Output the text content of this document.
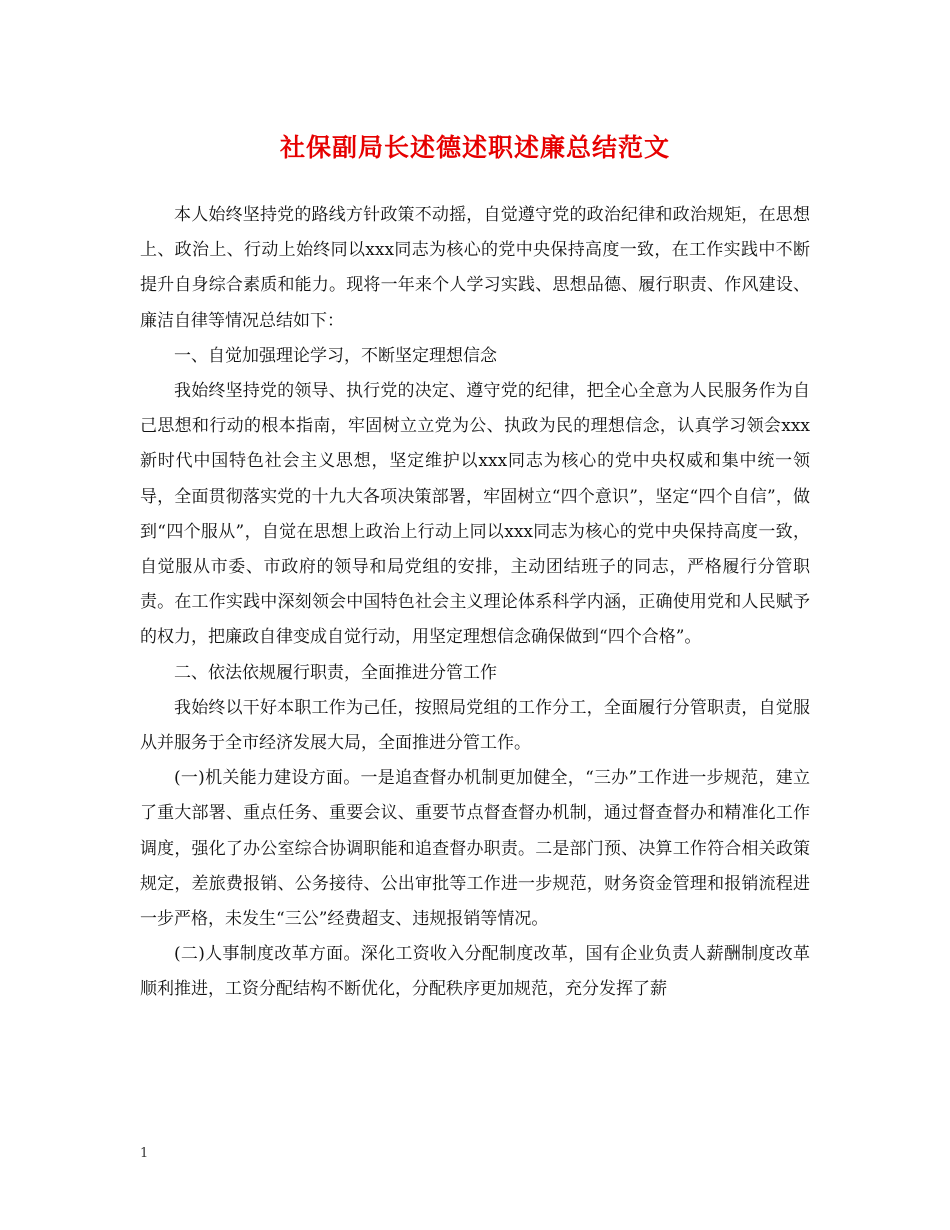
社保副局长述德述职述廉总结范文

本人始终坚持党的路线方针政策不动摇，自觉遵守党的政治纪律和政治规矩，在思想上、政治上、行动上始终同以xxx同志为核心的党中央保持高度一致，在工作实践中不断提升自身综合素质和能力。现将一年来个人学习实践、思想品德、履行职责、作风建设、廉洁自律等情况总结如下：

一、自觉加强理论学习，不断坚定理想信念

我始终坚持党的领导、执行党的决定、遵守党的纪律，把全心全意为人民服务作为自己思想和行动的根本指南，牢固树立立党为公、执政为民的理想信念，认真学习领会xxx新时代中国特色社会主义思想，坚定维护以xxx同志为核心的党中央权威和集中统一领导，全面贯彻落实党的十九大各项决策部署，牢固树立“四个意识”，坚定“四个自信”，做到“四个服从”，自觉在思想上政治上行动上同以xxx同志为核心的党中央保持高度一致，自觉服从市委、市政府的领导和局党组的安排，主动团结班子的同志，严格履行分管职责。在工作实践中深刻领会中国特色社会主义理论体系科学内涵，正确使用党和人民赋予的权力，把廉政自律变成自觉行动，用坚定理想信念确保做到“四个合格”。

二、依法依规履行职责，全面推进分管工作

我始终以干好本职工作为己任，按照局党组的工作分工，全面履行分管职责，自觉服从并服务于全市经济发展大局，全面推进分管工作。

(一)机关能力建设方面。一是追查督办机制更加健全，“三办”工作进一步规范，建立了重大部署、重点任务、重要会议、重要节点督查督办机制，通过督查督办和精准化工作调度，强化了办公室综合协调职能和追查督办职责。二是部门预、决算工作符合相关政策规定，差旅费报销、公务接待、公出审批等工作进一步规范，财务资金管理和报销流程进一步严格，未发生“三公”经费超支、违规报销等情况。

(二)人事制度改革方面。深化工资收入分配制度改革，国有企业负责人薪酬制度改革顺利推进，工资分配结构不断优化，分配秩序更加规范，充分发挥了薪

1
